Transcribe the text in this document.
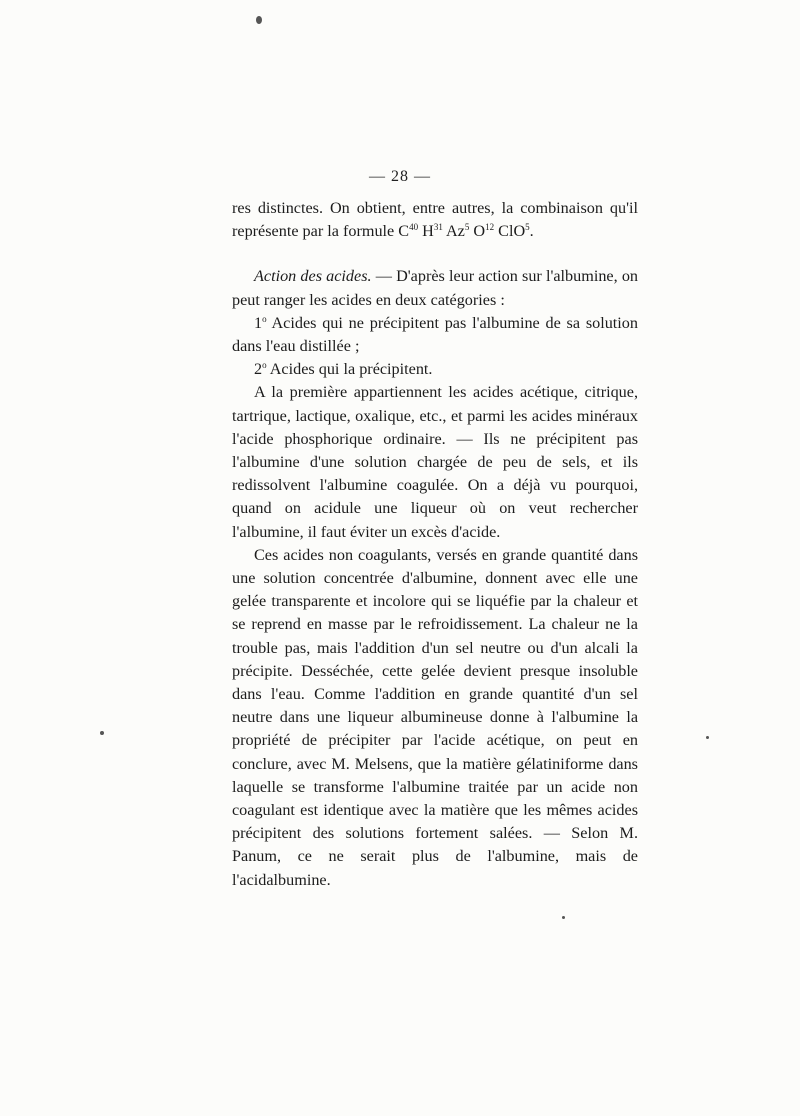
— 28 —

res distinctes. On obtient, entre autres, la combinaison qu'il représente par la formule $C^{40}$ $H^{31}$ Az$^5$ $O^{12}$ ClO$^5$.

Action des acides. — D'après leur action sur l'albumine, on peut ranger les acides en deux catégories :

1$^o$ Acides qui ne précipitent pas l'albumine de sa solution dans l'eau distillée ;

2$^o$ Acides qui la précipitent.

A la première appartiennent les acides acétique, citrique, tartrique, lactique, oxalique, etc., et parmi les acides minéraux l'acide phosphorique ordinaire. — Ils ne précipitent pas l'albumine d'une solution chargée de peu de sels, et ils redissolvent l'albumine coagulée. On a déjà vu pourquoi, quand on acidule une liqueur où on veut rechercher l'albumine, il faut éviter un excès d'acide.

Ces acides non coagulants, versés en grande quantité dans une solution concentrée d'albumine, donnent avec elle une gelée transparente et incolore qui se liquéfie par la chaleur et se reprend en masse par le refroidissement. La chaleur ne la trouble pas, mais l'addition d'un sel neutre ou d'un alcali la précipite. Desséchée, cette gelée devient presque insoluble dans l'eau. Comme l'addition en grande quantité d'un sel neutre dans une liqueur albumineuse donne à l'albumine la propriété de précipiter par l'acide acétique, on peut en conclure, avec M. Melsens, que la matière gélatiniforme dans laquelle se transforme l'albumine traitée par un acide non coagulant est identique avec la matière que les mêmes acides précipitent des solutions fortement salées. — Selon M. Panum, ce ne serait plus de l'albumine, mais de l'acidalbumine.
